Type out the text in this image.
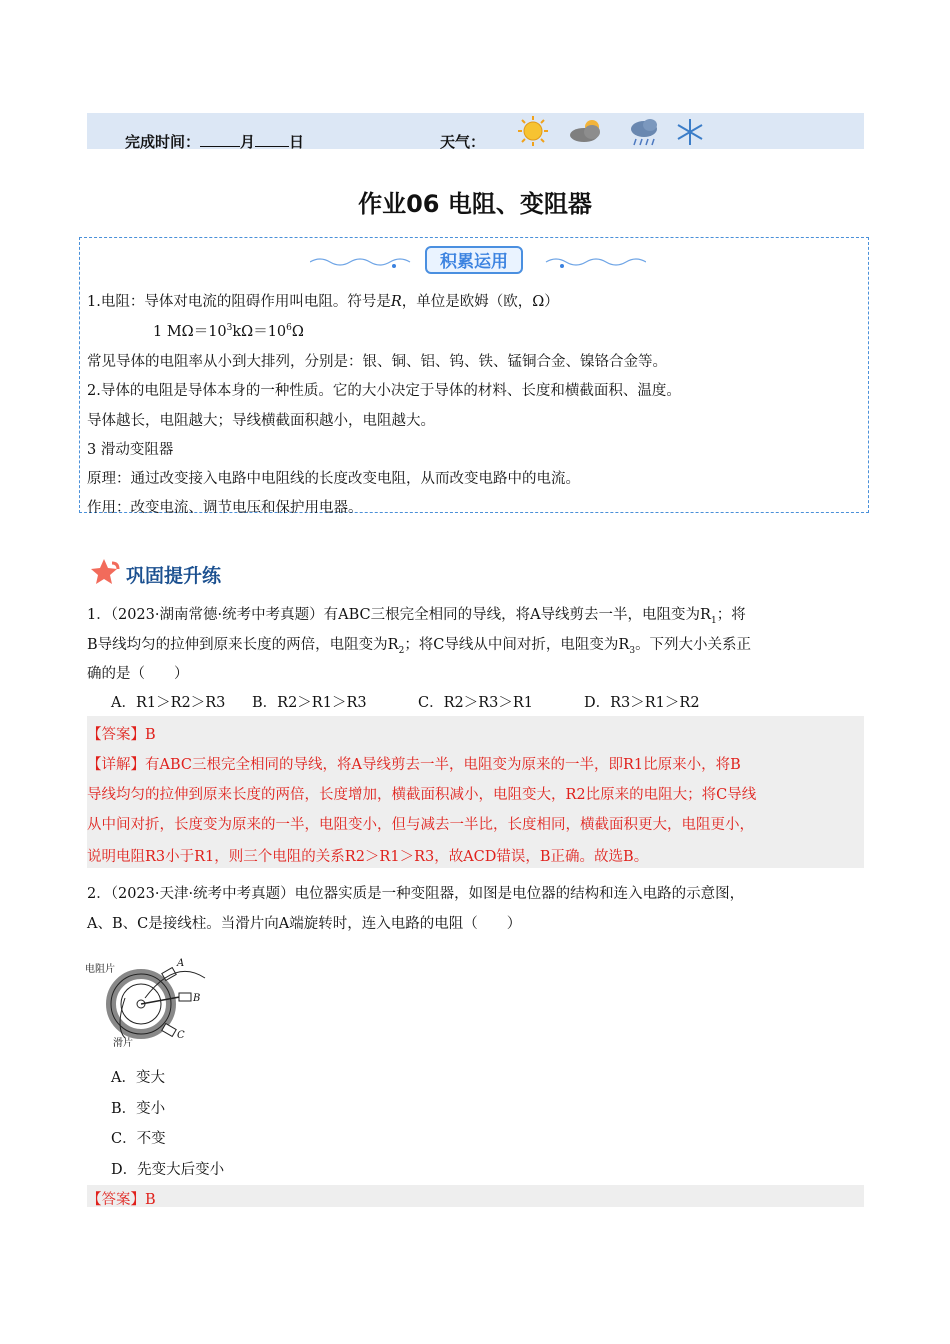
完成时间：	月 日	天气：
作业06 电阻、变阻器
积累运用
1.电阻：导体对电流的阻碍作用叫电阻。符号是R，单位是欧姆（欧，Ω）
1 $M\Omega=10^3k\Omega=10^6\Omega$
常见导体的电阻率从小到大排列，分别是：银、铜、铝、钨、铁、锰铜合金、镍铬合金等。
2.导体的电阻是导体本身的一种性质。它的大小决定于导体的材料、长度和横截面积、温度。
导体越长，电阻越大；导线横截面积越小，电阻越大。
3 滑动变阻器
原理：通过改变接入电路中电阻线的长度改变电阻，从而改变电路中的电流。
作用：改变电流、调节电压和保护用电器。
巩固提升练
1．（2023·湖南常德·统考中考真题）有ABC三根完全相同的导线，将A导线剪去一半，电阻变为$R_1$；将
B导线均匀的拉伸到原来长度的两倍，电阻变为$R_2$；将C导线从中间对折，电阻变为$R_3$。下列大小关系正
确的是（　　）
A．R1＞R2＞R3 B．R2＞R1＞R3	C．R2＞R3＞R1	D．R3＞R1＞R2
【答案】B
【详解】有ABC三根完全相同的导线，将A导线剪去一半，电阻变为原来的一半，即R1比原来小，将B
导线均匀的拉伸到原来长度的两倍，长度增加，横截面积减小，电阻变大，R2比原来的电阻大；将C导线
从中间对折，长度变为原来的一半，电阻变小，但与减去一半比，长度相同，横截面积更大，电阻更小，
说明电阻R3小于R1，则三个电阻的关系R2＞R1＞R3，故ACD错误，B正确。故选B。
2．（2023·天津·统考中考真题）电位器实质是一种变阻器，如图是电位器的结构和连入电路的示意图，
A、B、C是接线柱。当滑片向A端旋转时，连入电路的电阻（　　）
电阻片
滑片
A
B
C
A．变大
B．变小
C．不变
D．先变大后变小
【答案】B
